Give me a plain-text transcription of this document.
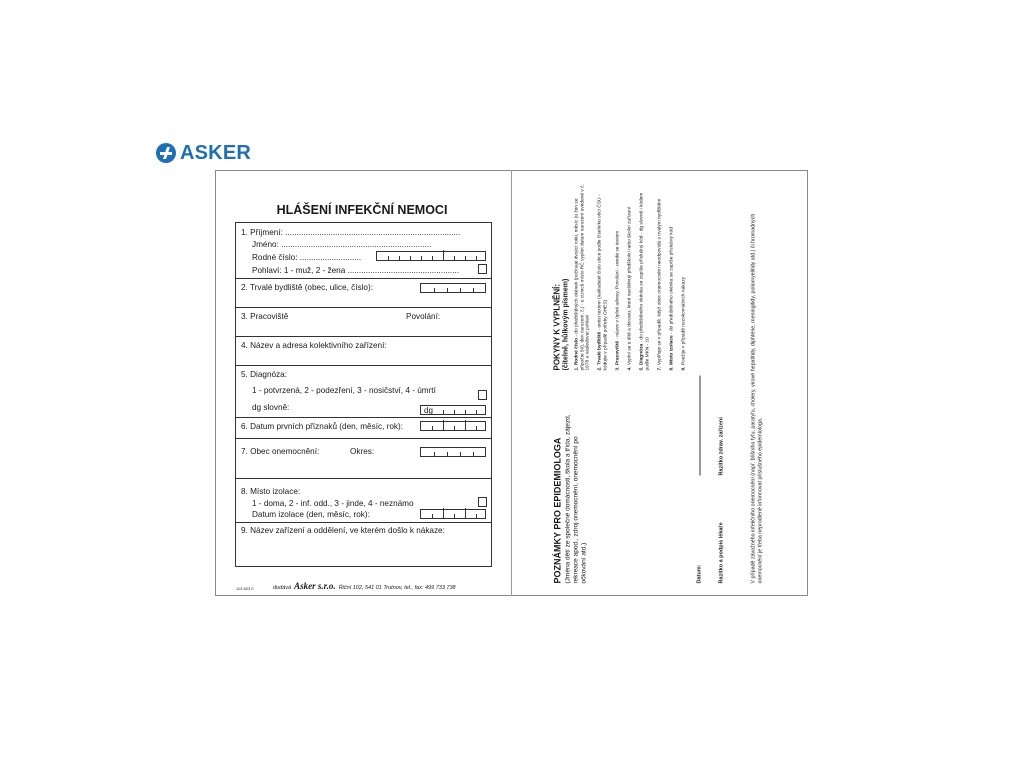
ASKER
HLÁŠENÍ INFEKČNÍ NEMOCI
1. Příjmení: .............................................................................
Jméno: ..................................................................
Rodné číslo: ...........................
Pohlaví: 1 - muž, 2 - žena .................................................
2. Trvalé bydliště (obec, ulice, číslo):
3. Pracoviště	Povolání:
4. Název a adresa kolektivního zařízení:
5. Diagnóza:
1 - potvrzená, 2 - podezření, 3 - nosičství, 4 - úmrtí
dg slovně:	dg
6. Datum prvních příznaků (den, měsíc, rok):
7. Obec onemocnění:	Okres:
8. Místo izolace:
1 - doma, 2 - inf. odd., 3 - jinde, 4 - neznámo
Datum izolace (den, měsíc, rok):
9. Název zařízení a oddělení, ve kterém došlo k nákaze:
113 823 0	dodává Asker s.r.o. Řiční 102, 541 01 Trutnov, tel., fax: 499 733 738
POZNÁMKY PRO EPIDEMIOLOGA (Jména dětí ze společné domácnosti, škola a třída, zájezd, rekreace apod., zdroj onemocnění, onemocnění po očkování atd.)
POKYNY K VYPLNĚNÍ: (čitelně, hůlkovým písmem) 1. Rodné číslo - do předtištěných okének (počínaje dvojicí roku, měsíc (u žen se připočte 50), den narození, č.) - u cizinců místo RČ vyplnit datum narození uvedené v č. 1978 a následovat pohlaví 2. Trvalé bydliště - uvést textem (nakladatel číslo obce podle číselníku obcí ČSÚ - kódujte v případě potřeby OHES) 3. Pracoviště - název v úplné adresy. Povolání - uvede se textem
4. Vyplní se u dítě a dorostu, které navštěvují předškolní nebo školní zařízení 5. Diagnóza - do předtištěného okénka se zapíše příslušný kód - dg slovně i kódem podle MKN - 10 7. Vyplňuje se v případě, když obec onemocnění neodpovídá s trvalým bydlištěm 8. Místo izolace - do předtištěného okénka se zapíše příslušný kód
9. Použije v případě nozokomiálních nákazy
Datum:	Razítko a podpis lékaře
Razítko zdrav. zařízení	V případě závažného infekčního onemocnění (např. břišního tyfu, paratyfu, cholery, virové hepatitidy, diphtérie, meningitidy, poliomyelitidy atd.) či hromadných onemocnění je třeba neprodleně informovat příslušného epidemiologa.
